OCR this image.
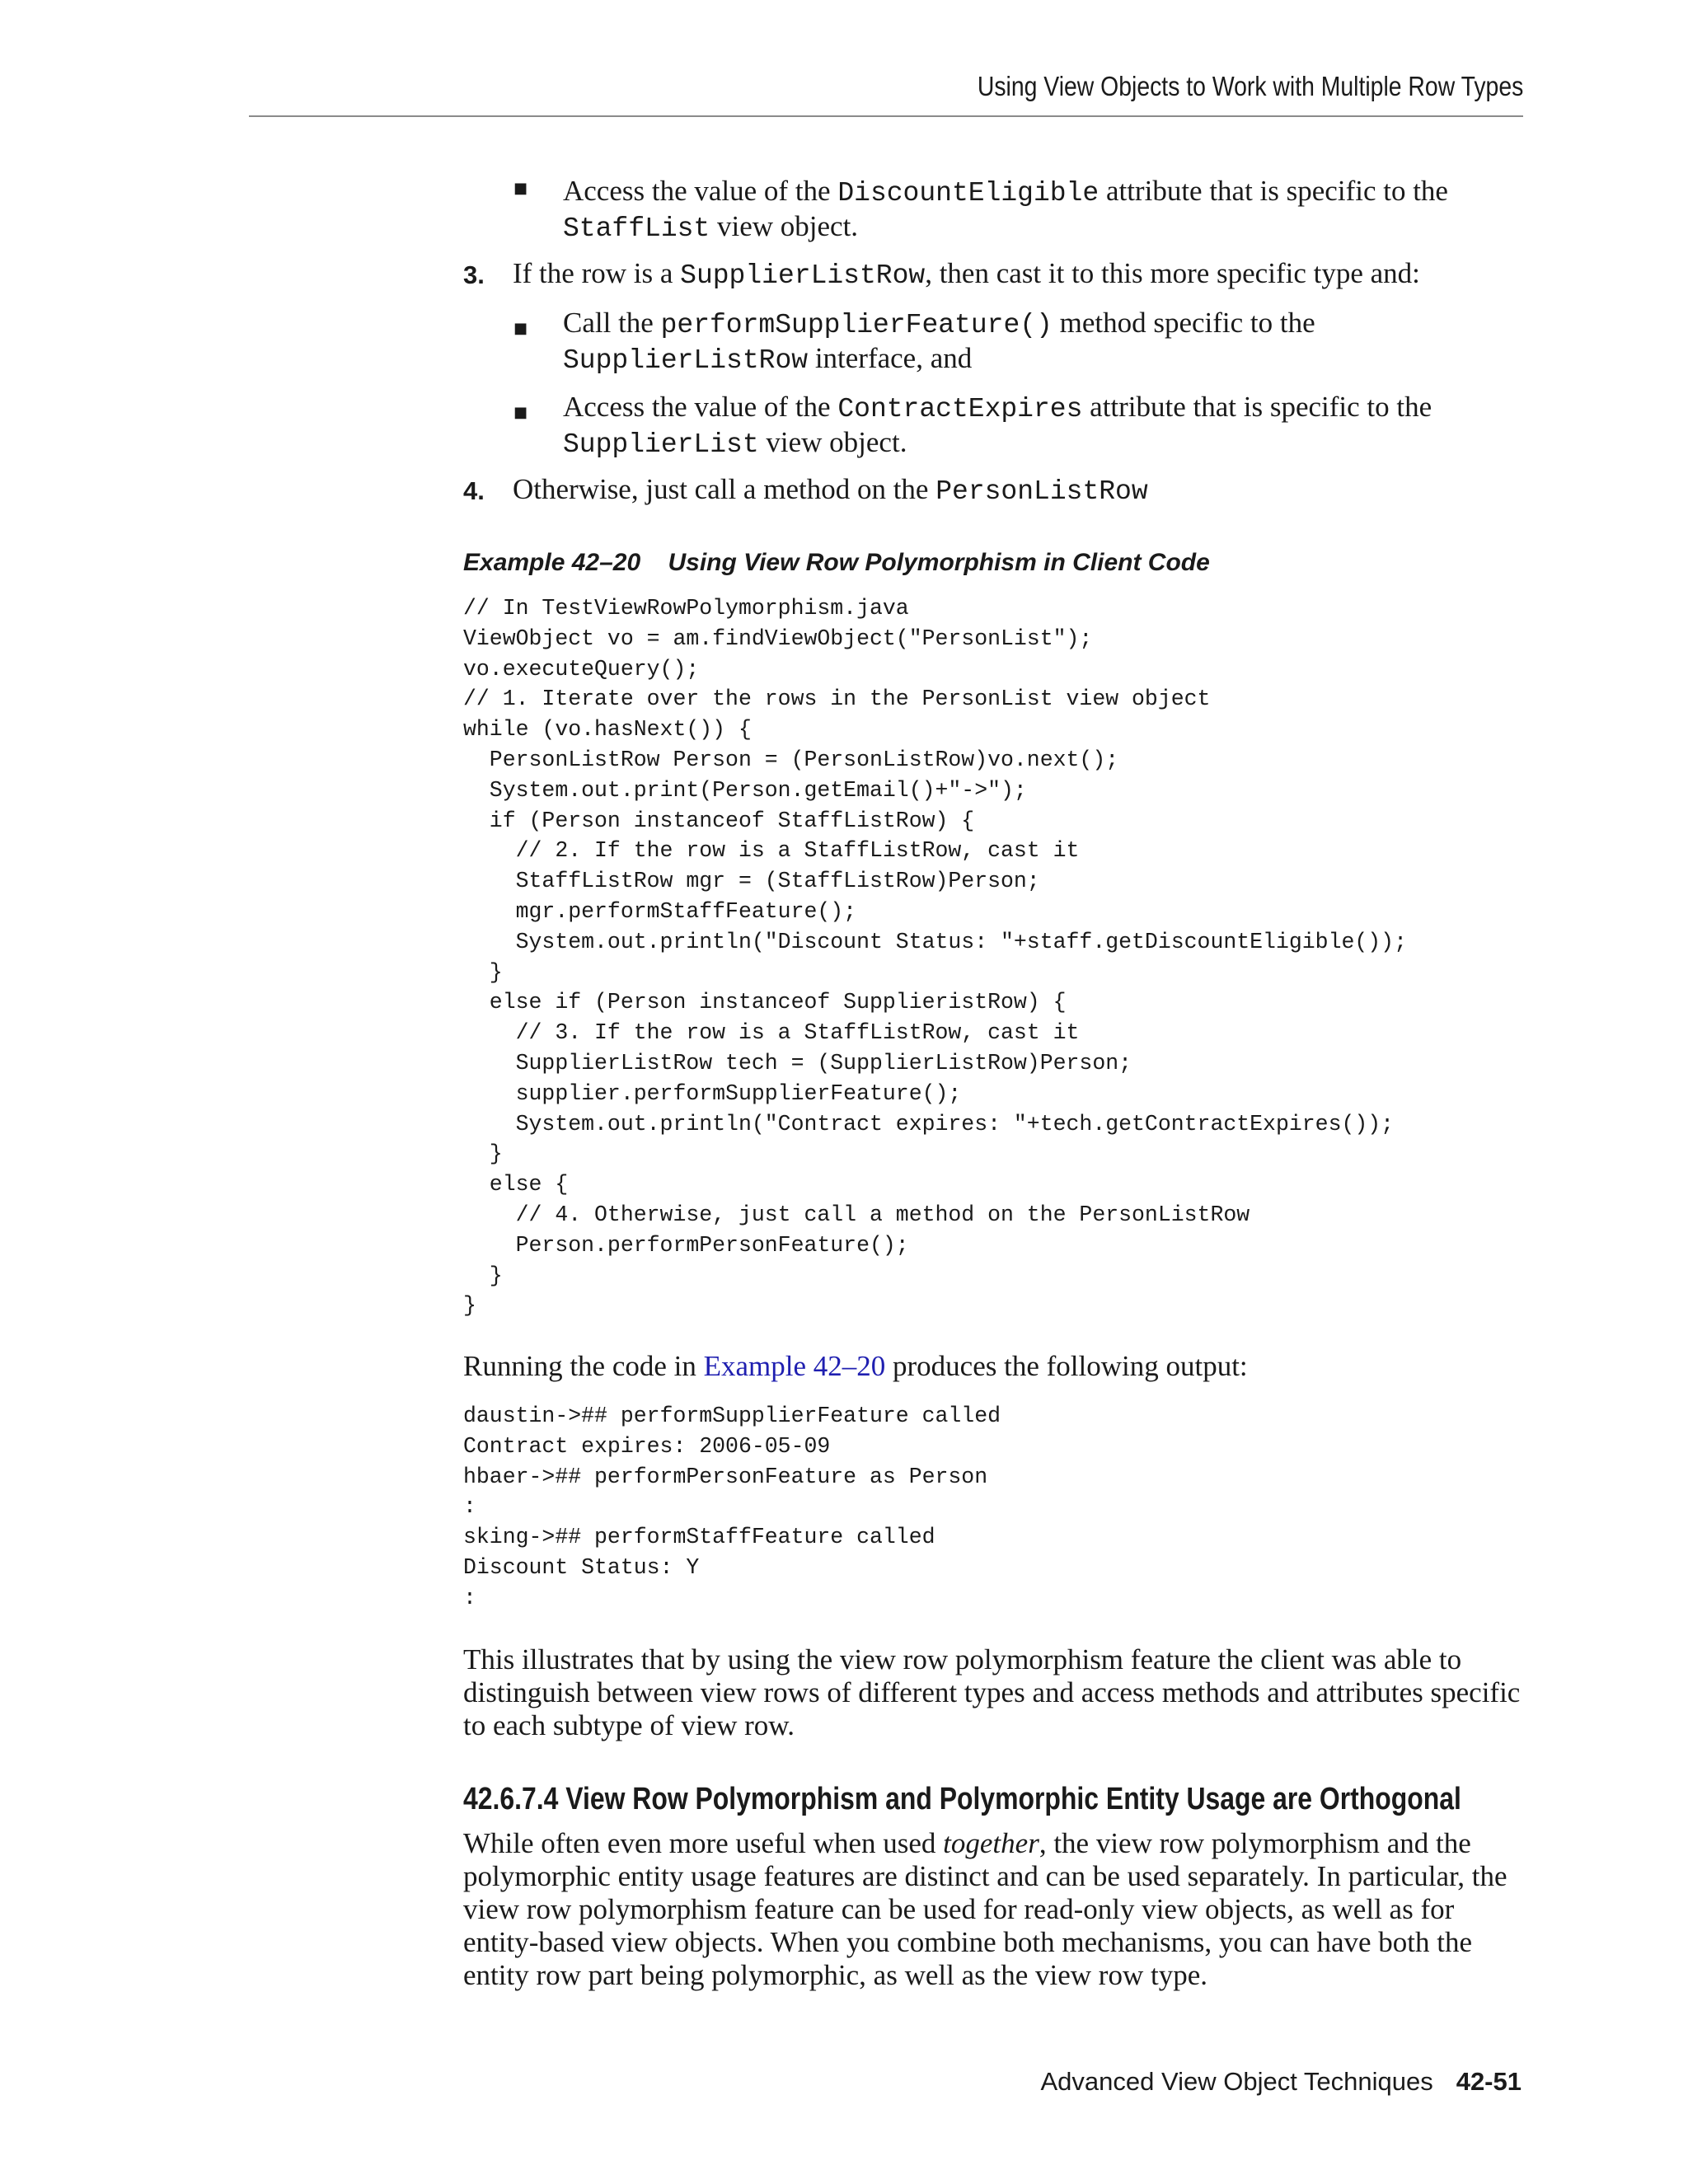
Using View Objects to Work with Multiple Row Types
■ Access the value of the DiscountEligible attribute that is specific to the
StaffList view object.
3. If the row is a SupplierListRow, then cast it to this more specific type and:
■ Call the performSupplierFeature() method specific to the
SupplierListRow interface, and
■ Access the value of the ContractExpires attribute that is specific to the
SupplierList view object.
4. Otherwise, just call a method on the PersonListRow
Example 42–20    Using View Row Polymorphism in Client Code
// In TestViewRowPolymorphism.java
ViewObject vo = am.findViewObject("PersonList");
vo.executeQuery();
// 1. Iterate over the rows in the PersonList view object
while (vo.hasNext()) {
PersonListRow Person = (PersonListRow)vo.next();
System.out.print(Person.getEmail()+"->");
if (Person instanceof StaffListRow) {
// 2. If the row is a StaffListRow, cast it
StaffListRow mgr = (StaffListRow)Person;
mgr.performStaffFeature();
System.out.println("Discount Status: "+staff.getDiscountEligible());
}
else if (Person instanceof SupplieristRow) {
// 3. If the row is a StaffListRow, cast it
SupplierListRow tech = (SupplierListRow)Person;
supplier.performSupplierFeature();
System.out.println("Contract expires: "+tech.getContractExpires());
}
else {
// 4. Otherwise, just call a method on the PersonListRow
Person.performPersonFeature();
}
}
Running the code in Example 42–20 produces the following output:
daustin->## performSupplierFeature called
Contract expires: 2006-05-09
hbaer->## performPersonFeature as Person
:
sking->## performStaffFeature called
Discount Status: Y
:
This illustrates that by using the view row polymorphism feature the client was able to distinguish between view rows of different types and access methods and attributes specific to each subtype of view row.
42.6.7.4 View Row Polymorphism and Polymorphic Entity Usage are Orthogonal
While often even more useful when used together, the view row polymorphism and the polymorphic entity usage features are distinct and can be used separately. In particular, the view row polymorphism feature can be used for read-only view objects, as well as for entity-based view objects. When you combine both mechanisms, you can have both the entity row part being polymorphic, as well as the view row type.
Advanced View Object Techniques 42-51
